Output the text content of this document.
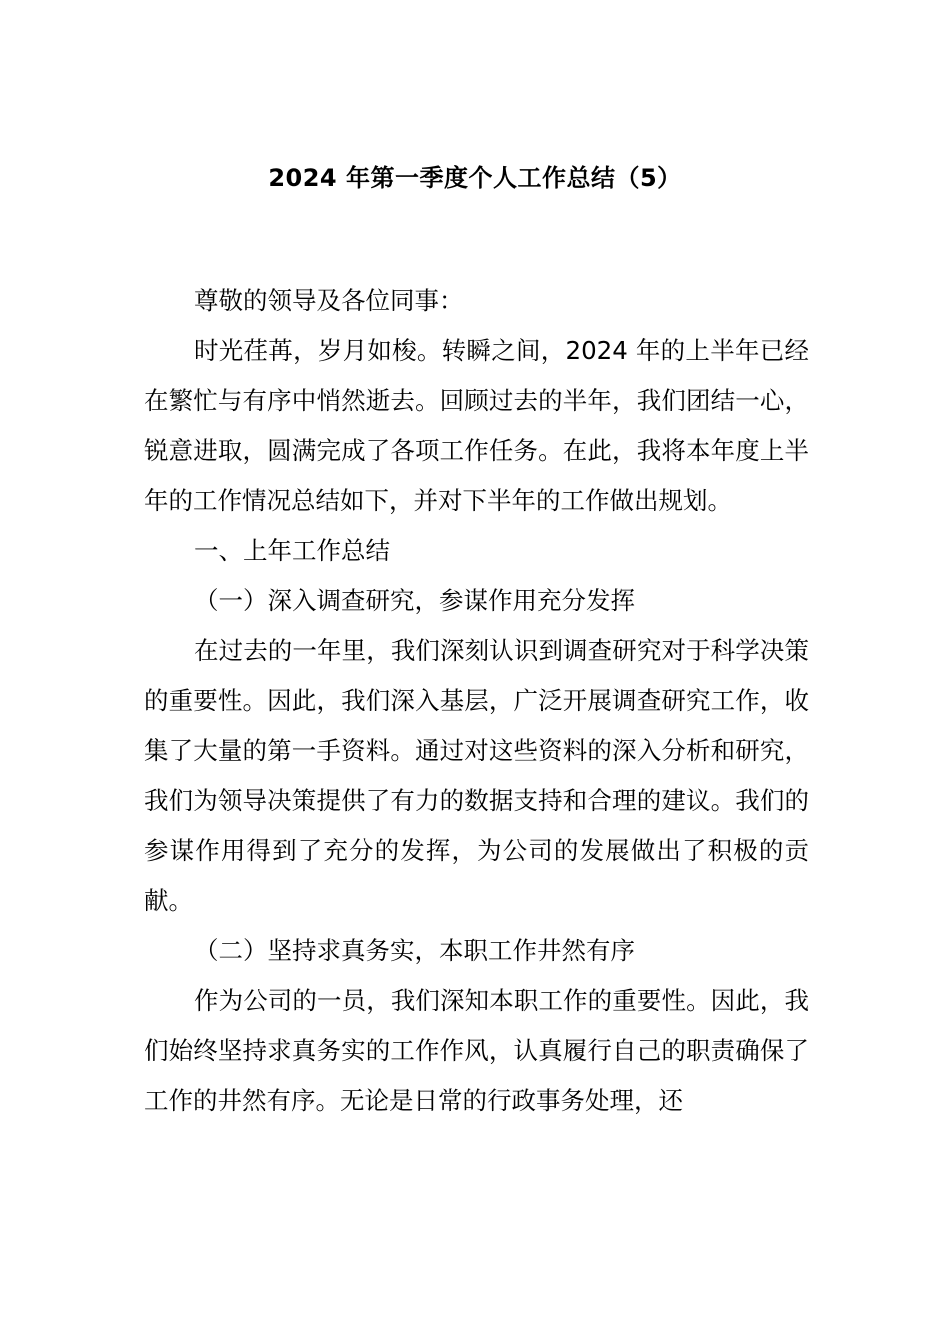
2024 年第一季度个人工作总结（5）

尊敬的领导及各位同事：

时光荏苒，岁月如梭。转瞬之间，2024 年的上半年已经在繁忙与有序中悄然逝去。回顾过去的半年，我们团结一心，锐意进取，圆满完成了各项工作任务。在此，我将本年度上半年的工作情况总结如下，并对下半年的工作做出规划。

一、上年工作总结

（一）深入调查研究，参谋作用充分发挥

在过去的一年里，我们深刻认识到调查研究对于科学决策的重要性。因此，我们深入基层，广泛开展调查研究工作，收集了大量的第一手资料。通过对这些资料的深入分析和研究，我们为领导决策提供了有力的数据支持和合理的建议。我们的参谋作用得到了充分的发挥，为公司的发展做出了积极的贡献。

（二）坚持求真务实，本职工作井然有序

作为公司的一员，我们深知本职工作的重要性。因此，我们始终坚持求真务实的工作作风，认真履行自己的职责确保了工作的井然有序。无论是日常的行政事务处理，还
